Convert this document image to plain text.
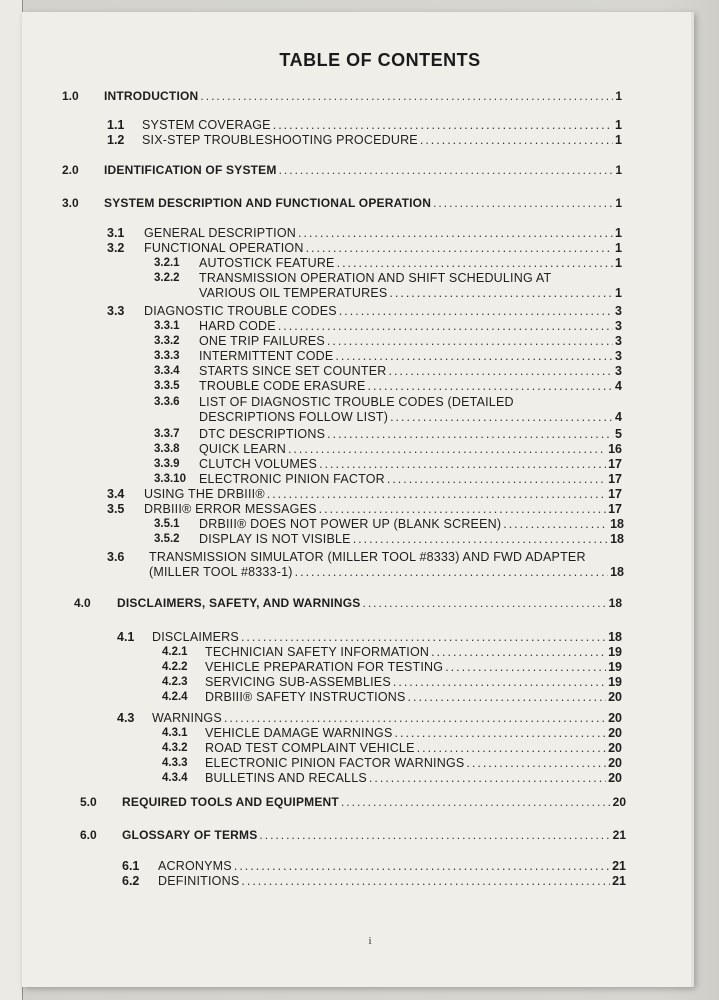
TABLE OF CONTENTS
1.0 INTRODUCTION .....	1
1.1 SYSTEM COVERAGE .....	1
1.2 SIX-STEP TROUBLESHOOTING PROCEDURE .....	1
2.0 IDENTIFICATION OF SYSTEM .....	1
3.0 SYSTEM DESCRIPTION AND FUNCTIONAL OPERATION .....	1
3.1 GENERAL DESCRIPTION .....	1
3.2 FUNCTIONAL OPERATION .....	1
3.2.1 AUTOSTICK FEATURE .....	1
3.2.2 TRANSMISSION OPERATION AND SHIFT SCHEDULING AT
VARIOUS OIL TEMPERATURES .....	1
3.3 DIAGNOSTIC TROUBLE CODES .....	3
3.3.1 HARD CODE .....	3
3.3.2 ONE TRIP FAILURES .....	3
3.3.3 INTERMITTENT CODE .....	3
3.3.4 STARTS SINCE SET COUNTER .....	3
3.3.5 TROUBLE CODE ERASURE .....	4
3.3.6 LIST OF DIAGNOSTIC TROUBLE CODES (DETAILED
DESCRIPTIONS FOLLOW LIST) .....	4
3.3.7 DTC DESCRIPTIONS .....	5
3.3.8 QUICK LEARN .....	16
3.3.9 CLUTCH VOLUMES .....	17
3.3.10 ELECTRONIC PINION FACTOR .....	17
3.4 USING THE DRBIII® .....	17
3.5 DRBIII® ERROR MESSAGES .....	17
3.5.1 DRBIII® DOES NOT POWER UP (BLANK SCREEN) .....	18
3.5.2 DISPLAY IS NOT VISIBLE .....	18
3.6 TRANSMISSION SIMULATOR (MILLER TOOL #8333) AND FWD ADAPTER
(MILLER TOOL #8333-1) .....	18
4.0 DISCLAIMERS, SAFETY, AND WARNINGS .....	18
4.1 DISCLAIMERS .....	18
4.2.1 TECHNICIAN SAFETY INFORMATION .....	19
4.2.2 VEHICLE PREPARATION FOR TESTING .....	19
4.2.3 SERVICING SUB-ASSEMBLIES .....	19
4.2.4 DRBIII® SAFETY INSTRUCTIONS .....	20
4.3 WARNINGS .....	20
4.3.1 VEHICLE DAMAGE WARNINGS .....	20
4.3.2 ROAD TEST COMPLAINT VEHICLE .....	20
4.3.3 ELECTRONIC PINION FACTOR WARNINGS .....	20
4.3.4 BULLETINS AND RECALLS .....	20
5.0 REQUIRED TOOLS AND EQUIPMENT .....	20
6.0 GLOSSARY OF TERMS .....	21
6.1 ACRONYMS .....	21
6.2 DEFINITIONS .....	21
i
